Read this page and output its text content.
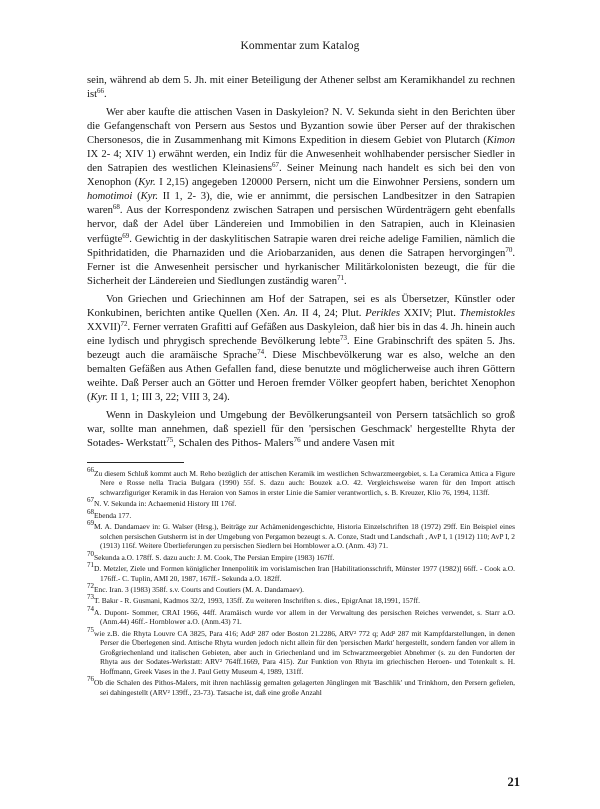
Kommentar zum Katalog

sein, während ab dem 5. Jh. mit einer Beteiligung der Athener selbst am Keramikhandel zu rechnen ist$^{66}$.

Wer aber kaufte die attischen Vasen in Daskyleion? N. V. Sekunda sieht in den Berichten über die Gefangenschaft von Persern aus Sestos und Byzantion sowie über Perser auf der thrakischen Chersonesos, die in Zusammenhang mit Kimons Expedition in diesem Gebiet von Plutarch (Kimon IX 2- 4; XIV 1) erwähnt werden, ein Indiz für die Anwesenheit wohlhabender persischer Siedler in den Satrapien des westlichen Kleinasiens$^{67}$. Seiner Meinung nach handelt es sich bei den von Xenophon (Kyr. I 2,15) angegeben 120000 Persern, nicht um die Einwohner Persiens, sondern um homotimoi (Kyr. II 1, 2- 3), die, wie er annimmt, die persischen Landbesitzer in den Satrapien waren$^{68}$. Aus der Korrespondenz zwischen Satrapen und persischen Würdenträgern geht ebenfalls hervor, daß der Adel über Ländereien und Immobilien in den Satrapien, auch in Kleinasien verfügte$^{69}$. Gewichtig in der daskylitischen Satrapie waren drei reiche adelige Familien, nämlich die Spithridatiden, die Pharnaziden und die Ariobarzaniden, aus denen die Satrapen hervorgingen$^{70}$. Ferner ist die Anwesenheit persischer und hyrkanischer Militärkolonisten bezeugt, die für die Sicherheit der Ländereien und Siedlungen zuständig waren$^{71}$.

Von Griechen und Griechinnen am Hof der Satrapen, sei es als Übersetzer, Künstler oder Konkubinen, berichten antike Quellen (Xen. An. II 4, 24; Plut. Perikles XXIV; Plut. Themistokles XXVII)$^{72}$. Ferner verraten Grafitti auf Gefäßen aus Daskyleion, daß hier bis in das 4. Jh. hinein auch eine lydisch und phrygisch sprechende Bevölkerung lebte$^{73}$. Eine Grabinschrift des späten 5. Jhs. bezeugt auch die aramäische Sprache$^{74}$. Diese Mischbevölkerung war es also, welche an den bemalten Gefäßen aus Athen Gefallen fand, diese benutzte und möglicherweise auch ihren Göttern weihte. Daß Perser auch an Götter und Heroen fremder Völker geopfert haben, berichtet Xenophon (Kyr. II 1, 1; III 3, 22; VIII 3, 24).

Wenn in Daskyleion und Umgebung der Bevölkerungsanteil von Persern tatsächlich so groß war, sollte man annehmen, daß speziell für den 'persischen Geschmack' hergestellte Rhyta der Sotades- Werkstatt$^{75}$, Schalen des Pithos- Malers$^{76}$ und andere Vasen mit

$^{66}$Zu diesem Schluß kommt auch M. Reho bezüglich der attischen Keramik im westlichen Schwarzmeergebiet, s. La Ceramica Attica a Figure Nere e Rosse nella Tracia Bulgara (1990) 55f. S. dazu auch: Bouzek a.O. 42. Vergleichsweise waren für den Import attisch schwarzfiguriger Keramik in das Heraion von Samos in erster Linie die Samier verantwortlich, s. B. Kreuzer, Klio 76, 1994, 113ff.
$^{67}$N. V. Sekunda in: Achaemenid History III 176f.
$^{68}$Ebenda 177.
$^{69}$M. A. Dandamaev in: G. Walser (Hrsg.), Beiträge zur Achämenidengeschichte, Historia Einzelschriften 18 (1972) 29ff. Ein Beispiel eines solchen persischen Gutsherrn ist in der Umgebung von Pergamon bezeugt s. A. Conze, Stadt und Landschaft , AvP I, 1 (1912) 110; AvP I, 2 (1913) 116f. Weitere Überlieferungen zu persischen Siedlern bei Hornblower a.O. (Anm. 43) 71.
$^{70}$Sekunda a.O. 178ff. S. dazu auch: J. M. Cook, The Persian Empire (1983) 167ff.
$^{71}$D. Metzler, Ziele und Formen königlicher Innenpolitik im vorislamischen Iran [Habilitationsschrift, Münster 1977 (1982)] 66ff. - Cook a.O. 176ff.- C. Tuplin, AMI 20, 1987, 167ff.- Sekunda a.O. 182ff.
$^{72}$Enc. Iran. 3 (1983) 358f. s.v. Courts and Coutiers (M. A. Dandamaev).
$^{73}$T. Bakır - R. Gusmani, Kadmos 32/2, 1993, 135ff. Zu weiteren Inschriften s. dies., EpigrAnat 18,1991, 157ff.
$^{74}$A. Dupont- Sommer, CRAI 1966, 44ff. Aramäisch wurde vor allem in der Verwaltung des persischen Reiches verwendet, s. Starr a.O. (Anm.44) 46ff.- Hornblower a.O. (Anm.43) 71.
$^{75}$wie z.B. die Rhyta Louvre CA 3825, Para 416; Add² 287 oder Boston 21.2286, ARV² 772 q; Add² 287 mit Kampfdarstellungen, in denen Perser die Überlegenen sind. Attische Rhyta wurden jedoch nicht allein für den 'persischen Markt' hergestellt, sondern fanden vor allem in Großgriechenland und italischen Gebieten, aber auch in Griechenland und im Schwarzmeergebiet Abnehmer (s. zu den Fundorten der Rhyta aus der Sodates-Werkstatt: ARV² 764ff.1669, Para 415). Zur Funktion von Rhyta im griechischen Heroen- und Totenkult s. H. Hoffmann, Greek Vases in the J. Paul Getty Museum 4, 1989, 131ff.
$^{76}$Ob die Schalen des Pithos-Malers, mit ihren nachlässig gemalten gelagerten Jünglingen mit 'Baschlik' und Trinkhorn, den Persern gefielen, sei dahingestellt (ARV² 139ff., 23-73). Tatsache ist, daß eine große Anzahl
21
